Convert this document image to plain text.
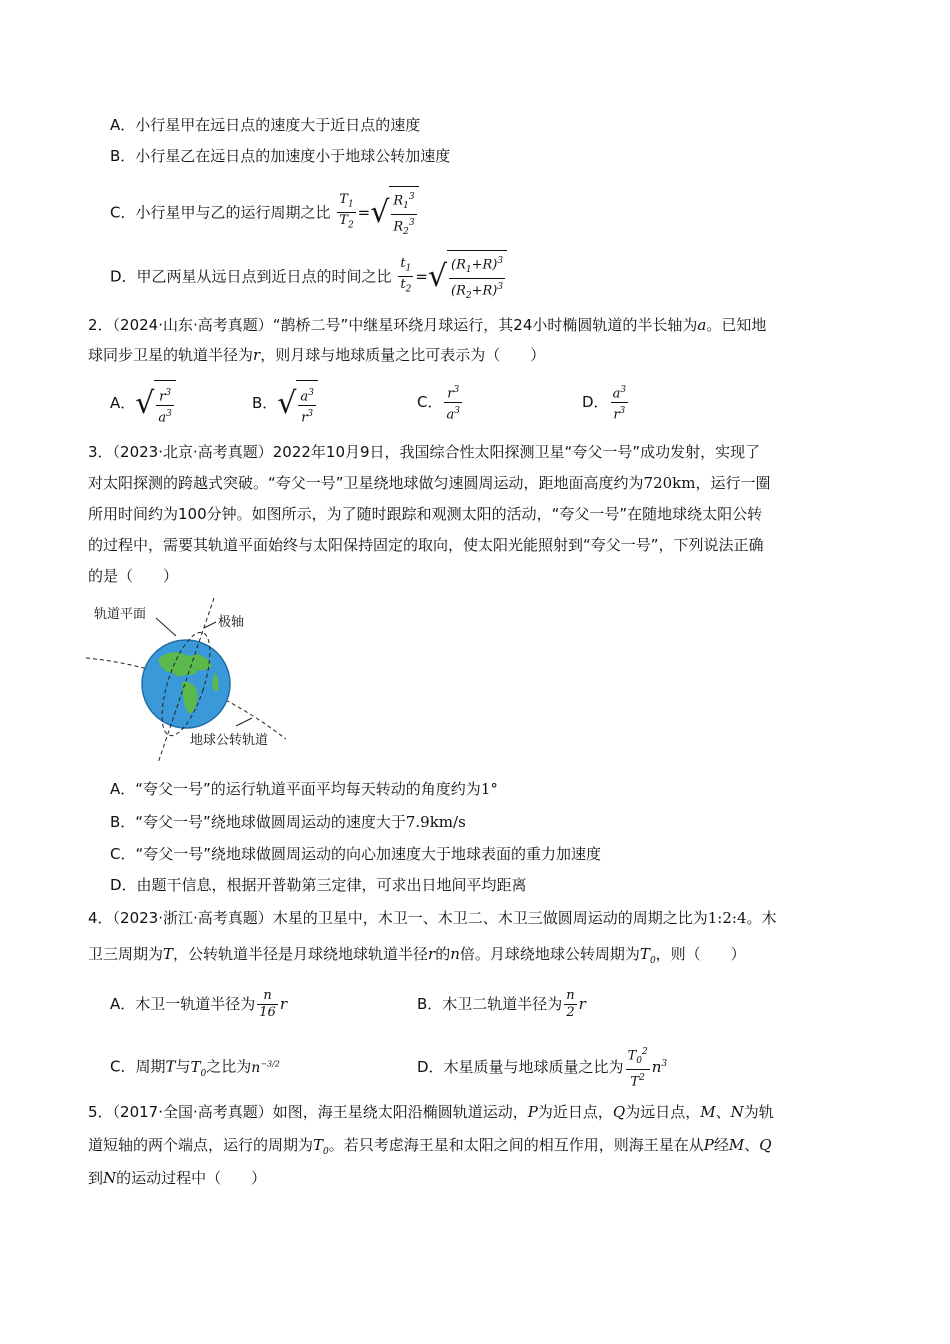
A．小行星甲在远日点的速度大于近日点的速度
B．小行星乙在远日点的加速度小于地球公转加速度
C．小行星甲与乙的运行周期之比 $\frac{T_1}{T_2}$ = √ $\frac{R_1^3}{R_2^3}$
D．甲乙两星从远日点到近日点的时间之比 $\frac{t_1}{t_2}$ = √ $\frac{(R_1+R)^3}{(R_2+R)^3}$
2．（2024·山东·高考真题）“鹊桥二号”中继星环绕月球运行，其24小时椭圆轨道的半长轴为a。已知地
球同步卫星的轨道半径为r，则月球与地球质量之比可表示为（　　）
A． √ $\frac{r^3}{a^3}$	B． √ $\frac{a^3}{r^3}$	C． $\frac{r^3}{a^3}$	D． $\frac{a^3}{r^3}$
3．（2023·北京·高考真题）2022年10月9日，我国综合性太阳探测卫星“夸父一号”成功发射，实现了
对太阳探测的跨越式突破。“夸父一号”卫星绕地球做匀速圆周运动，距地面高度约为720km，运行一圈
所用时间约为100分钟。如图所示，为了随时跟踪和观测太阳的活动，“夸父一号”在随地球绕太阳公转
的过程中，需要其轨道平面始终与太阳保持固定的取向，使太阳光能照射到“夸父一号”，下列说法正确
的是（　　）
轨道平面
极轴
地球公转轨道
A．“夸父一号”的运行轨道平面平均每天转动的角度约为1°
B．“夸父一号”绕地球做圆周运动的速度大于7.9km/s
C．“夸父一号”绕地球做圆周运动的向心加速度大于地球表面的重力加速度
D．由题干信息，根据开普勒第三定律，可求出日地间平均距离
4．（2023·浙江·高考真题）木星的卫星中，木卫一、木卫二、木卫三做圆周运动的周期之比为1:2:4。木
卫三周期为T，公转轨道半径是月球绕地球轨道半径r的n倍。月球绕地球公转周期为$T_0$，则（　　）
A．木卫一轨道半径为 $\frac{n}{16}$ r	B．木卫二轨道半径为 $\frac{n}{2}$ r
C．周期T与$T_0$之比为$n^{-3/2}$	D．木星质量与地球质量之比为 $\frac{T_0^2}{T^2} n^3$
5．（2017·全国·高考真题）如图，海王星绕太阳沿椭圆轨道运动，P为近日点，Q为远日点，M、N为轨
道短轴的两个端点，运行的周期为$T_0$。若只考虑海王星和太阳之间的相互作用，则海王星在从P经M、Q
到N的运动过程中（　　）
